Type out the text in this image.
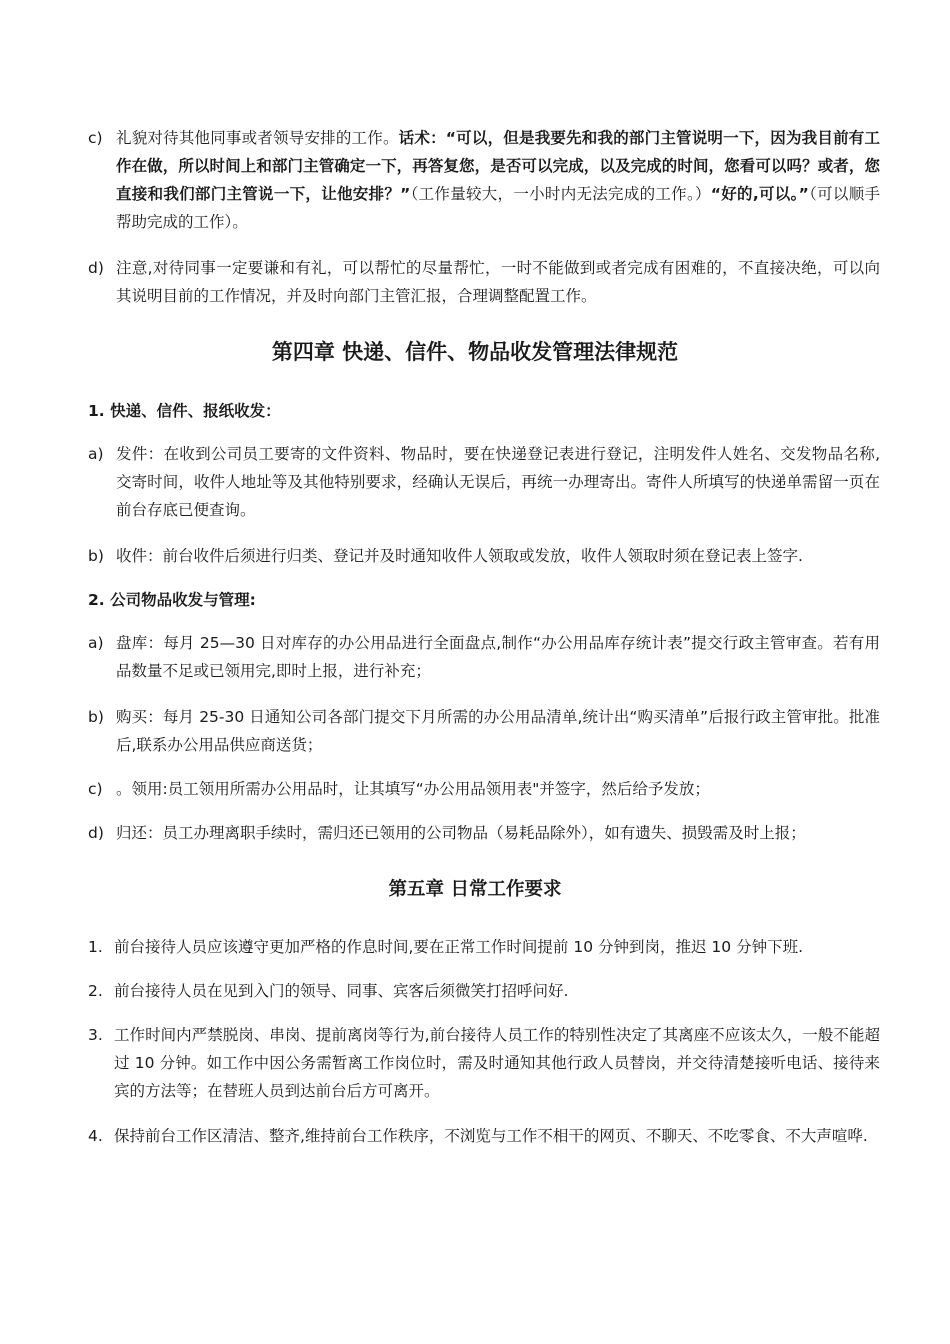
c) 礼貌对待其他同事或者领导安排的工作。话术：“可以，但是我要先和我的部门主管说明一下，因为我目前有工作在做，所以时间上和部门主管确定一下，再答复您，是否可以完成，以及完成的时间，您看可以吗？或者，您直接和我们部门主管说一下，让他安排？”（工作量较大，一小时内无法完成的工作。）“好的,可以。”（可以顺手帮助完成的工作）。
d) 注意,对待同事一定要谦和有礼，可以帮忙的尽量帮忙，一时不能做到或者完成有困难的，不直接决绝，可以向其说明目前的工作情况，并及时向部门主管汇报，合理调整配置工作。
第四章 快递、信件、物品收发管理法律规范
1. 快递、信件、报纸收发：
a) 发件：在收到公司员工要寄的文件资料、物品时，要在快递登记表进行登记，注明发件人姓名、交发物品名称,交寄时间，收件人地址等及其他特别要求，经确认无误后，再统一办理寄出。寄件人所填写的快递单需留一页在前台存底已便查询。
b) 收件：前台收件后须进行归类、登记并及时通知收件人领取或发放，收件人领取时须在登记表上签字.
2. 公司物品收发与管理:
a) 盘库：每月 25—30 日对库存的办公用品进行全面盘点,制作“办公用品库存统计表”提交行政主管审查。若有用品数量不足或已领用完,即时上报，进行补充；
b) 购买：每月 25-30 日通知公司各部门提交下月所需的办公用品清单,统计出“购买清单”后报行政主管审批。批准后,联系办公用品供应商送货；
c) 。领用:员工领用所需办公用品时，让其填写“办公用品领用表"并签字，然后给予发放；
d) 归还：员工办理离职手续时，需归还已领用的公司物品（易耗品除外），如有遗失、损毁需及时上报；
第五章 日常工作要求
1. 前台接待人员应该遵守更加严格的作息时间,要在正常工作时间提前 10 分钟到岗，推迟 10 分钟下班.
2. 前台接待人员在见到入门的领导、同事、宾客后须微笑打招呼问好.
3. 工作时间内严禁脱岗、串岗、提前离岗等行为,前台接待人员工作的特别性决定了其离座不应该太久，一般不能超过 10 分钟。如工作中因公务需暂离工作岗位时，需及时通知其他行政人员替岗，并交待清楚接听电话、接待来宾的方法等；在替班人员到达前台后方可离开。
4. 保持前台工作区清洁、整齐,维持前台工作秩序，不浏览与工作不相干的网页、不聊天、不吃零食、不大声喧哗.
